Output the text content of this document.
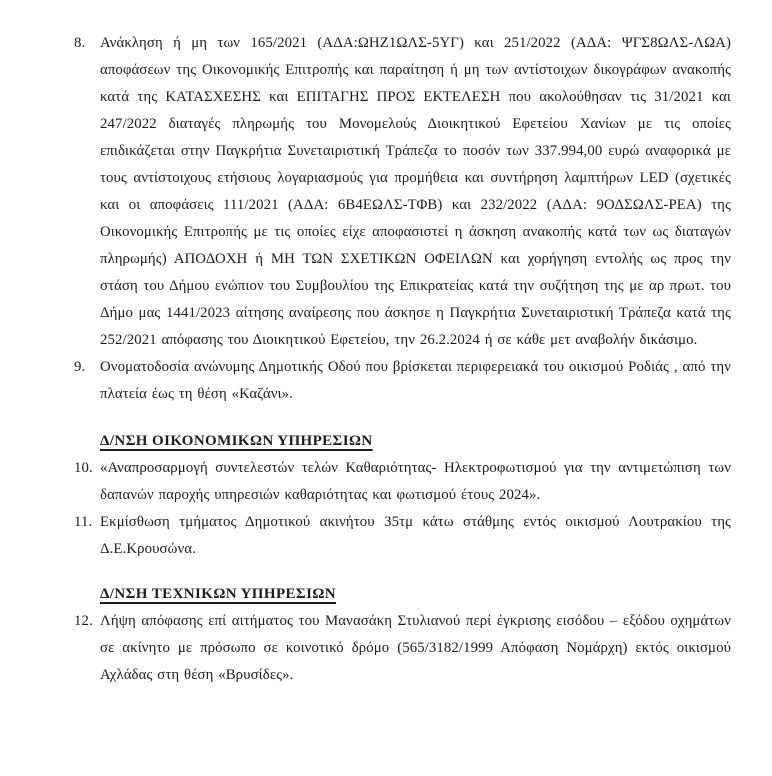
8. Ανάκληση ή μη των 165/2021 (ΑΔΑ:ΩΗΖ1ΩΛΣ-5ΥΓ) και 251/2022 (ΑΔΑ: ΨΓΣ8ΩΛΣ-ΛΩΑ) αποφάσεων της Οικονομικής Επιτροπής και παραίτηση ή μη των αντίστοιχων δικογράφων ανακοπής κατά της ΚΑΤΑΣΧΕΣΗΣ και ΕΠΙΤΑΓΗΣ ΠΡΟΣ ΕΚΤΕΛΕΣΗ που ακολούθησαν τις 31/2021 και 247/2022 διαταγές πληρωμής του Μονομελούς Διοικητικού Εφετείου Χανίων με τις οποίες επιδικάζεται στην Παγκρήτια Συνεταιριστική Τράπεζα το ποσόν των 337.994,00 ευρώ αναφορικά με τους αντίστοιχους ετήσιους λογαριασμούς για προμήθεια και συντήρηση λαμπτήρων LED (σχετικές και οι αποφάσεις 111/2021 (ΑΔΑ: 6Β4ΕΩΛΣ-ΤΦΒ) και 232/2022 (ΑΔΑ: 9ΟΔΣΩΛΣ-ΡΕΑ) της Οικονομικής Επιτροπής με τις οποίες είχε αποφασιστεί η άσκηση ανακοπής κατά των ως διαταγών πληρωμής) ΑΠΟΔΟΧΗ ή ΜΗ ΤΩΝ ΣΧΕΤΙΚΩΝ ΟΦΕΙΛΩΝ και χορήγηση εντολής ως προς την στάση του Δήμου ενώπιον του Συμβουλίου της Επικρατείας κατά την συζήτηση της με αρ πρωτ. του Δήμο μας 1441/2023 αίτησης αναίρεσης που άσκησε η Παγκρήτια Συνεταιριστική Τράπεζα κατά της 252/2021 απόφασης του Διοικητικού Εφετείου, την 26.2.2024 ή σε κάθε μετ αναβολήν δικάσιμο.
9. Ονοματοδοσία ανώνυμης Δημοτικής Οδού που βρίσκεται περιφερειακά του οικισμού Ροδιάς , από την πλατεία έως τη θέση «Καζάνι».
Δ/ΝΣΗ ΟΙΚΟΝΟΜΙΚΩΝ ΥΠΗΡΕΣΙΩΝ
10. «Αναπροσαρμογή συντελεστών τελών Καθαριότητας- Ηλεκτροφωτισμού για την αντιμετώπιση των δαπανών παροχής υπηρεσιών καθαριότητας και φωτισμού έτους 2024».
11. Εκμίσθωση τμήματος Δημοτικού ακινήτου 35τμ κάτω στάθμης εντός οικισμού Λουτρακίου της Δ.Ε.Κρουσώνα.
Δ/ΝΣΗ ΤΕΧΝΙΚΩΝ ΥΠΗΡΕΣΙΩΝ
12. Λήψη απόφασης επί αιτήματος του Μανασάκη Στυλιανού περί έγκρισης εισόδου – εξόδου οχημάτων σε ακίνητο με πρόσωπο σε κοινοτικό δρόμο (565/3182/1999 Απόφαση Νομάρχη) εκτός οικισμού Αχλάδας στη θέση «Βρυσίδες».
